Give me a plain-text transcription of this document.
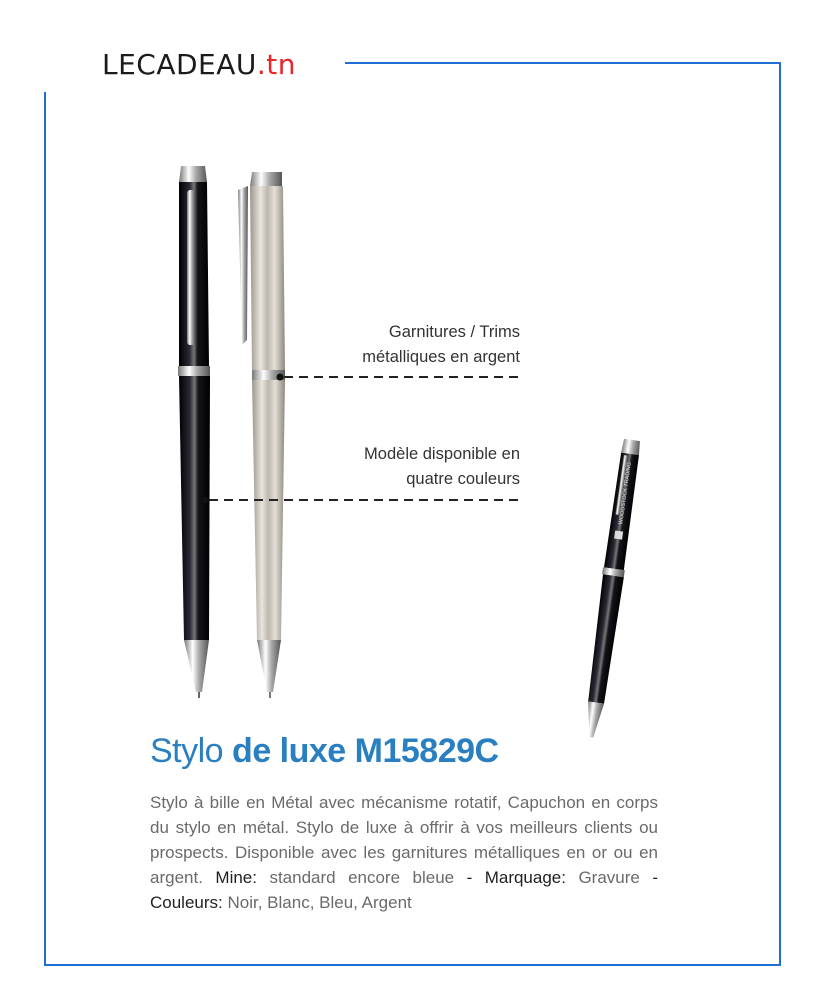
LECADEAU.tn
WOODSTOCK TRADING
Garnitures / Trims
métalliques en argent
Modèle disponible en
quatre couleurs
Stylo de luxe M15829C
Stylo à bille en Métal avec mécanisme rotatif, Capuchon en corps du stylo en métal. Stylo de luxe à offrir à vos meilleurs clients ou prospects. Disponible avec les garnitures métalliques en or ou en argent. Mine: standard encore bleue - Marquage: Gravure - Couleurs: Noir, Blanc, Bleu, Argent
